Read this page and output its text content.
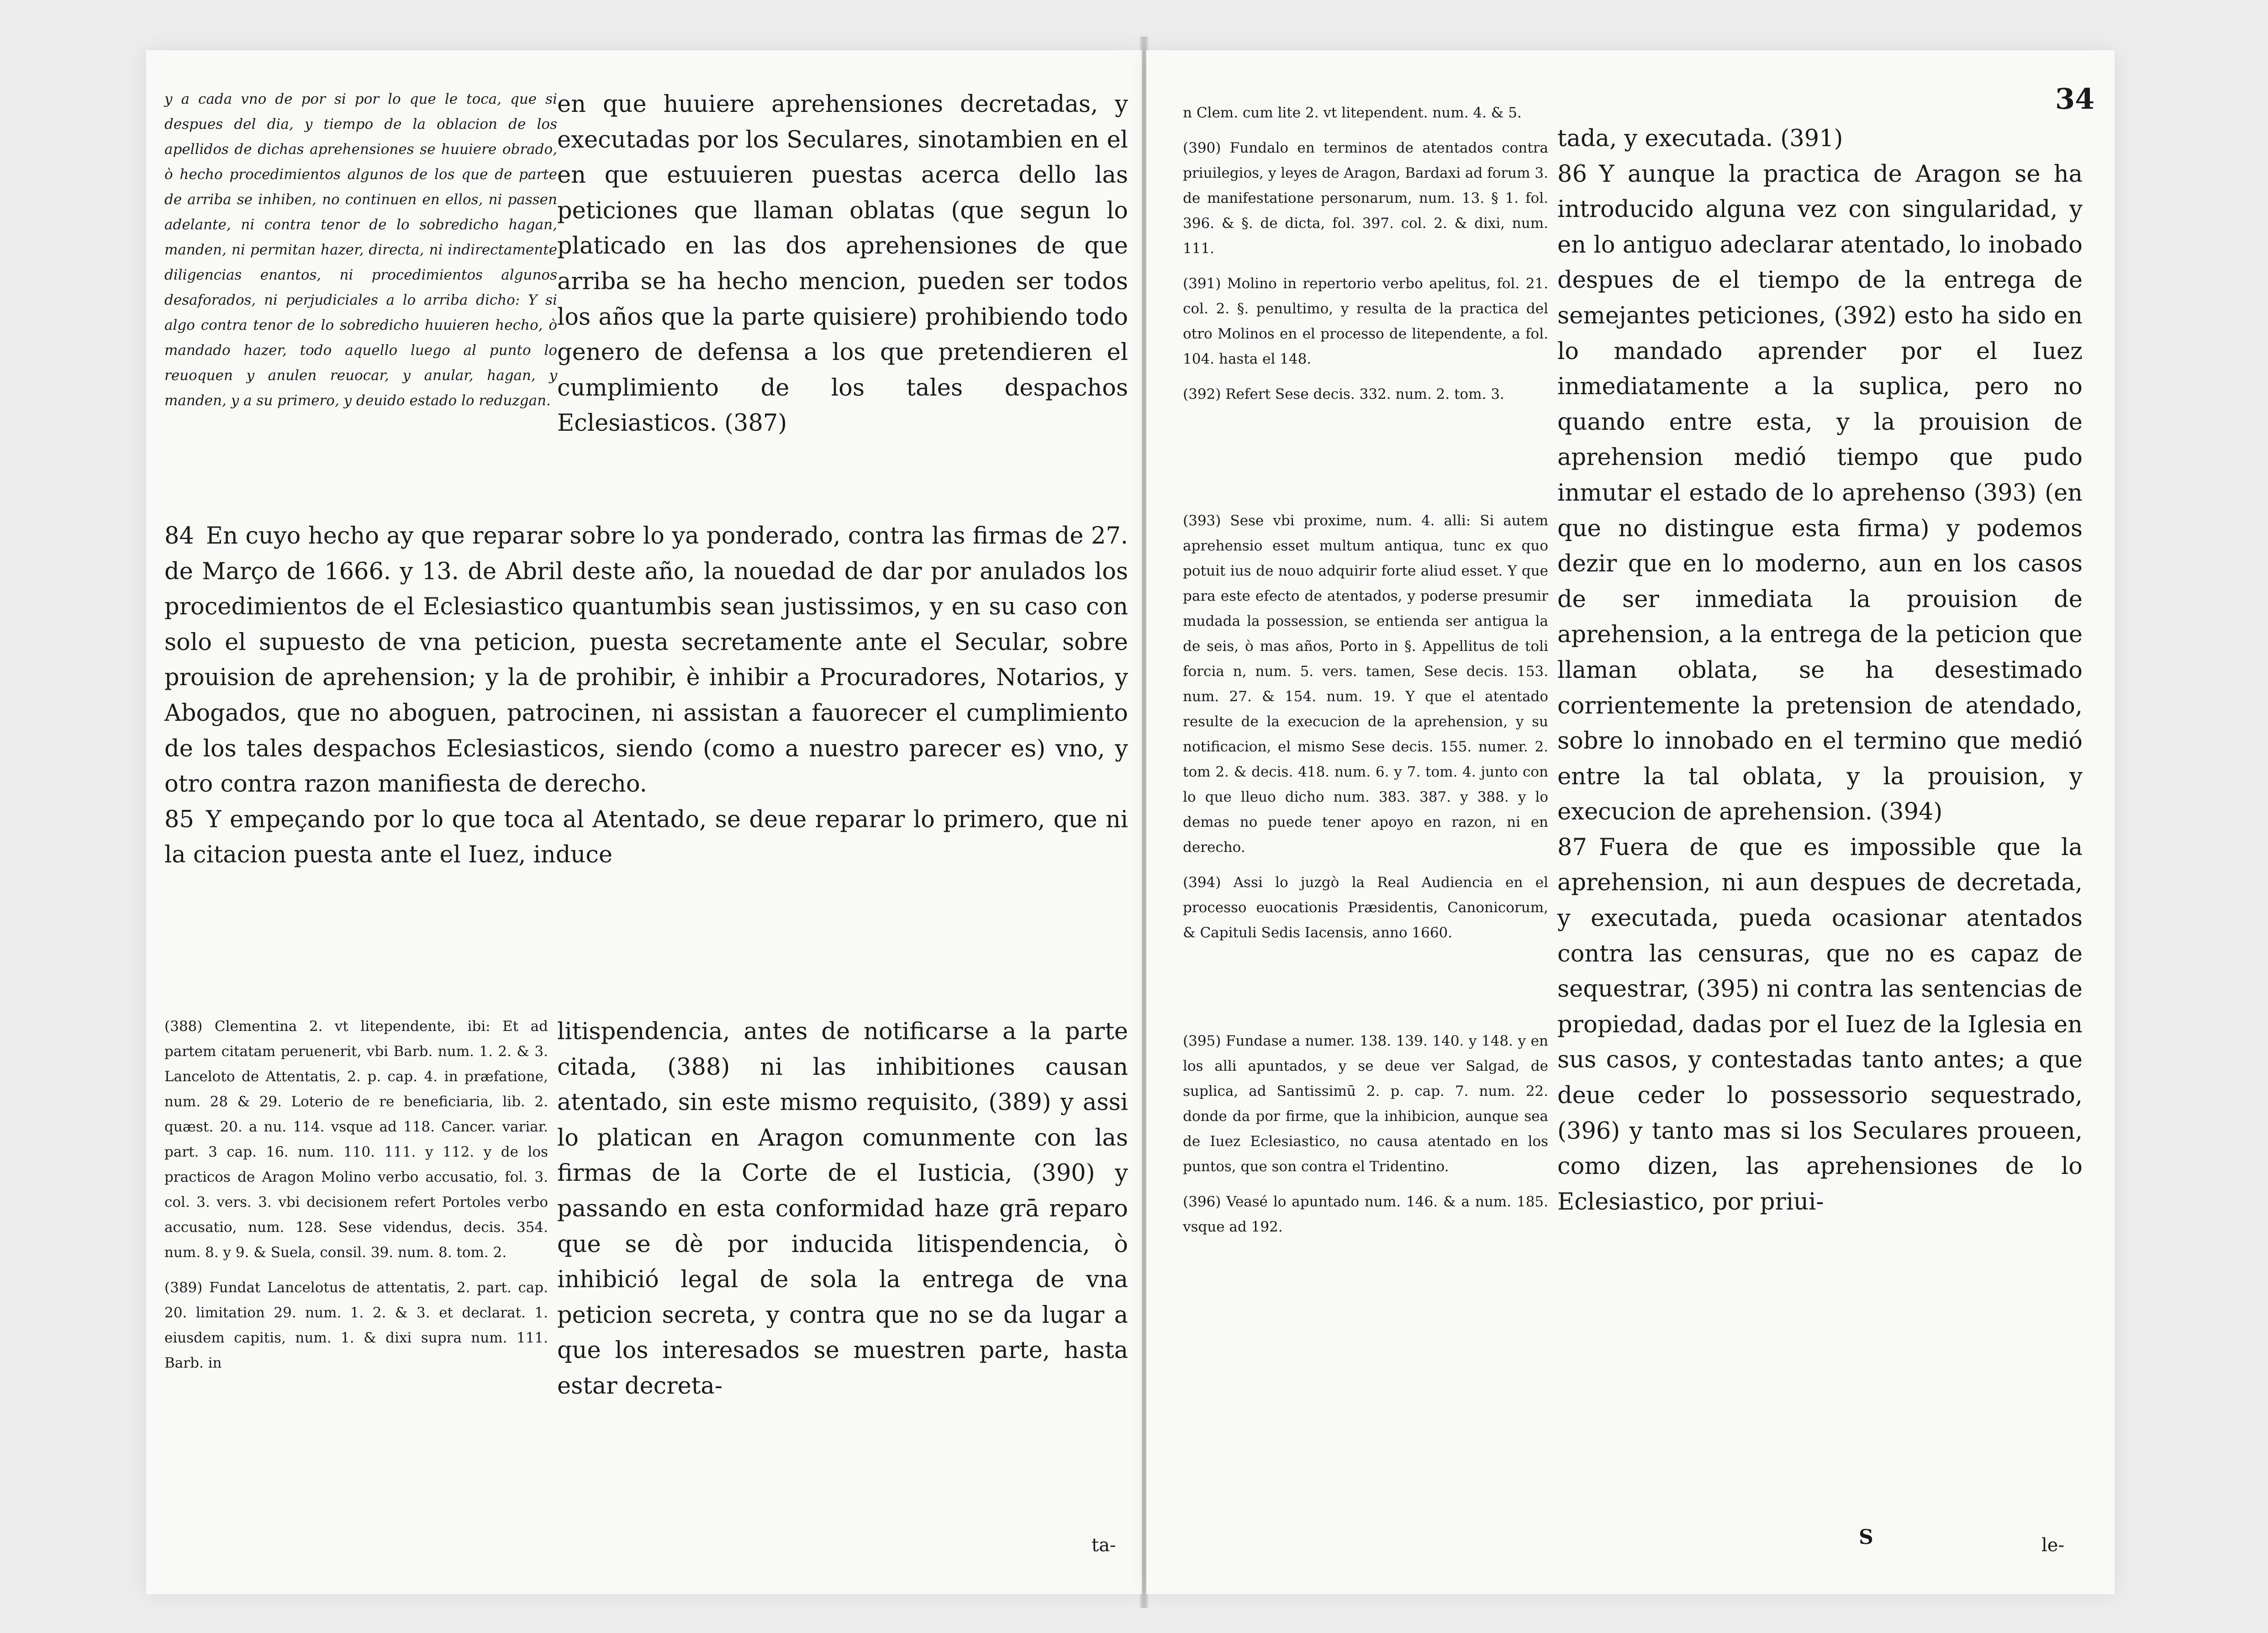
y a cada vno de por si por lo que le toca, que si despues del dia, y tiempo de la oblacion de los apellidos de dichas aprehensiones se huuiere obrado, ò hecho procedimientos algunos de los que de parte de arriba se inhiben, no continuen en ellos, ni passen adelante, ni contra tenor de lo sobredicho hagan, manden, ni permitan hazer, directa, ni indirectamente diligencias enantos, ni procedimientos algunos desaforados, ni perjudiciales a lo arriba dicho: Y si algo contra tenor de lo sobredicho huuieren hecho, ò mandado hazer, todo aquello luego al punto lo reuoquen y anulen reuocar, y anular, hagan, y manden, y a su primero, y deuido estado lo reduzgan.

en que huuiere aprehensiones decretadas, y executadas por los Seculares, sinotambien en el en que estuuieren puestas acerca dello las peticiones que llaman oblatas (que segun lo platicado en las dos aprehensiones de que arriba se ha hecho mencion, pueden ser todos los años que la parte quisiere) prohibiendo todo genero de defensa a los que pretendieren el cumplimiento de los tales despachos Eclesiasticos. (387)

84 En cuyo hecho ay que reparar sobre lo ya ponderado, contra las firmas de 27. de Março de 1666. y 13. de Abril deste año, la nouedad de dar por anulados los procedimientos de el Eclesiastico quantumbis sean justissimos, y en su caso con solo el supuesto de vna peticion, puesta secretamente ante el Secular, sobre prouision de aprehension; y la de prohibir, è inhibir a Procuradores, Notarios, y Abogados, que no aboguen, patrocinen, ni assistan a fauorecer el cumplimiento de los tales despachos Eclesiasticos, siendo (como a nuestro parecer es) vno, y otro contra razon manifiesta de derecho.

85 Y empeçando por lo que toca al Atentado, se deue reparar lo primero, que ni la citacion puesta ante el Iuez, induce

(388) Clementina 2. vt litependente, ibi: Et ad partem citatam peruenerit, vbi Barb. num. 1. 2. & 3. Lanceloto de Attentatis, 2. p. cap. 4. in præfatione, num. 28 & 29. Loterio de re beneficiaria, lib. 2. quæst. 20. a nu. 114. vsque ad 118. Cancer. variar. part. 3 cap. 16. num. 110. 111. y 112. y de los practicos de Aragon Molino verbo accusatio, fol. 3. col. 3. vers. 3. vbi decisionem refert Portoles verbo accusatio, num. 128. Sese videndus, decis. 354. num. 8. y 9. & Suela, consil. 39. num. 8. tom. 2.

(389) Fundat Lancelotus de attentatis, 2. part. cap. 20. limitation 29. num. 1. 2. & 3. et declarat. 1. eiusdem capitis, num. 1. & dixi supra num. 111. Barb. in

litispendencia, antes de notificarse a la parte citada, (388) ni las inhibitiones causan atentado, sin este mismo requisito, (389) y assi lo platican en Aragon comunmente con las firmas de la Corte de el Iusticia, (390) y passando en esta conformidad haze grā reparo que se dè por inducida litispendencia, ò inhibició legal de sola la entrega de vna peticion secreta, y contra que no se da lugar a que los interesados se muestren parte, hasta estar decreta-

ta-
34

n Clem. cum lite 2. vt litependent. num. 4. & 5.

(390) Fundalo en terminos de atentados contra priuilegios, y leyes de Aragon, Bardaxi ad forum 3. de manifestatione personarum, num. 13. § 1. fol. 396. & §. de dicta, fol. 397. col. 2. & dixi, num. 111.

(391) Molino in repertorio verbo apelitus, fol. 21. col. 2. §. penultimo, y resulta de la practica del otro Molinos en el processo de litependente, a fol. 104. hasta el 148.

(392) Refert Sese decis. 332. num. 2. tom. 3.

(393) Sese vbi proxime, num. 4. alli: Si autem aprehensio esset multum antiqua, tunc ex quo potuit ius de nouo adquirir forte aliud esset. Y que para este efecto de atentados, y poderse presumir mudada la possession, se entienda ser antigua la de seis, ò mas años, Porto in §. Appellitus de toli forcia n, num. 5. vers. tamen, Sese decis. 153. num. 27. & 154. num. 19. Y que el atentado resulte de la execucion de la aprehension, y su notificacion, el mismo Sese decis. 155. numer. 2. tom 2. & decis. 418. num. 6. y 7. tom. 4. junto con lo que lleuo dicho num. 383. 387. y 388. y lo demas no puede tener apoyo en razon, ni en derecho.

(394) Assi lo juzgò la Real Audiencia en el processo euocationis Præsidentis, Canonicorum, & Capituli Sedis Iacensis, anno 1660.

(395) Fundase a numer. 138. 139. 140. y 148. y en los alli apuntados, y se deue ver Salgad, de suplica, ad Santissimū 2. p. cap. 7. num. 22. donde da por firme, que la inhibicion, aunque sea de Iuez Eclesiastico, no causa atentado en los puntos, que son contra el Tridentino.

(396) Veasé lo apuntado num. 146. & a num. 185. vsque ad 192.

tada, y executada. (391)

86 Y aunque la practica de Aragon se ha introducido alguna vez con singularidad, y en lo antiguo adeclarar atentado, lo inobado despues de el tiempo de la entrega de semejantes peticiones, (392) esto ha sido en lo mandado aprender por el Iuez inmediatamente a la suplica, pero no quando entre esta, y la prouision de aprehension medió tiempo que pudo inmutar el estado de lo aprehenso (393) (en que no distingue esta firma) y podemos dezir que en lo moderno, aun en los casos de ser inmediata la prouision de aprehension, a la entrega de la peticion que llaman oblata, se ha desestimado corrientemente la pretension de atendado, sobre lo innobado en el termino que medió entre la tal oblata, y la prouision, y execucion de aprehension. (394)

87 Fuera de que es impossible que la aprehension, ni aun despues de decretada, y executada, pueda ocasionar atentados contra las censuras, que no es capaz de sequestrar, (395) ni contra las sentencias de propiedad, dadas por el Iuez de la Iglesia en sus casos, y contestadas tanto antes; a que deue ceder lo possessorio sequestrado, (396) y tanto mas si los Seculares proueen, como dizen, las aprehensiones de lo Eclesiastico, por priui-

S	le-
